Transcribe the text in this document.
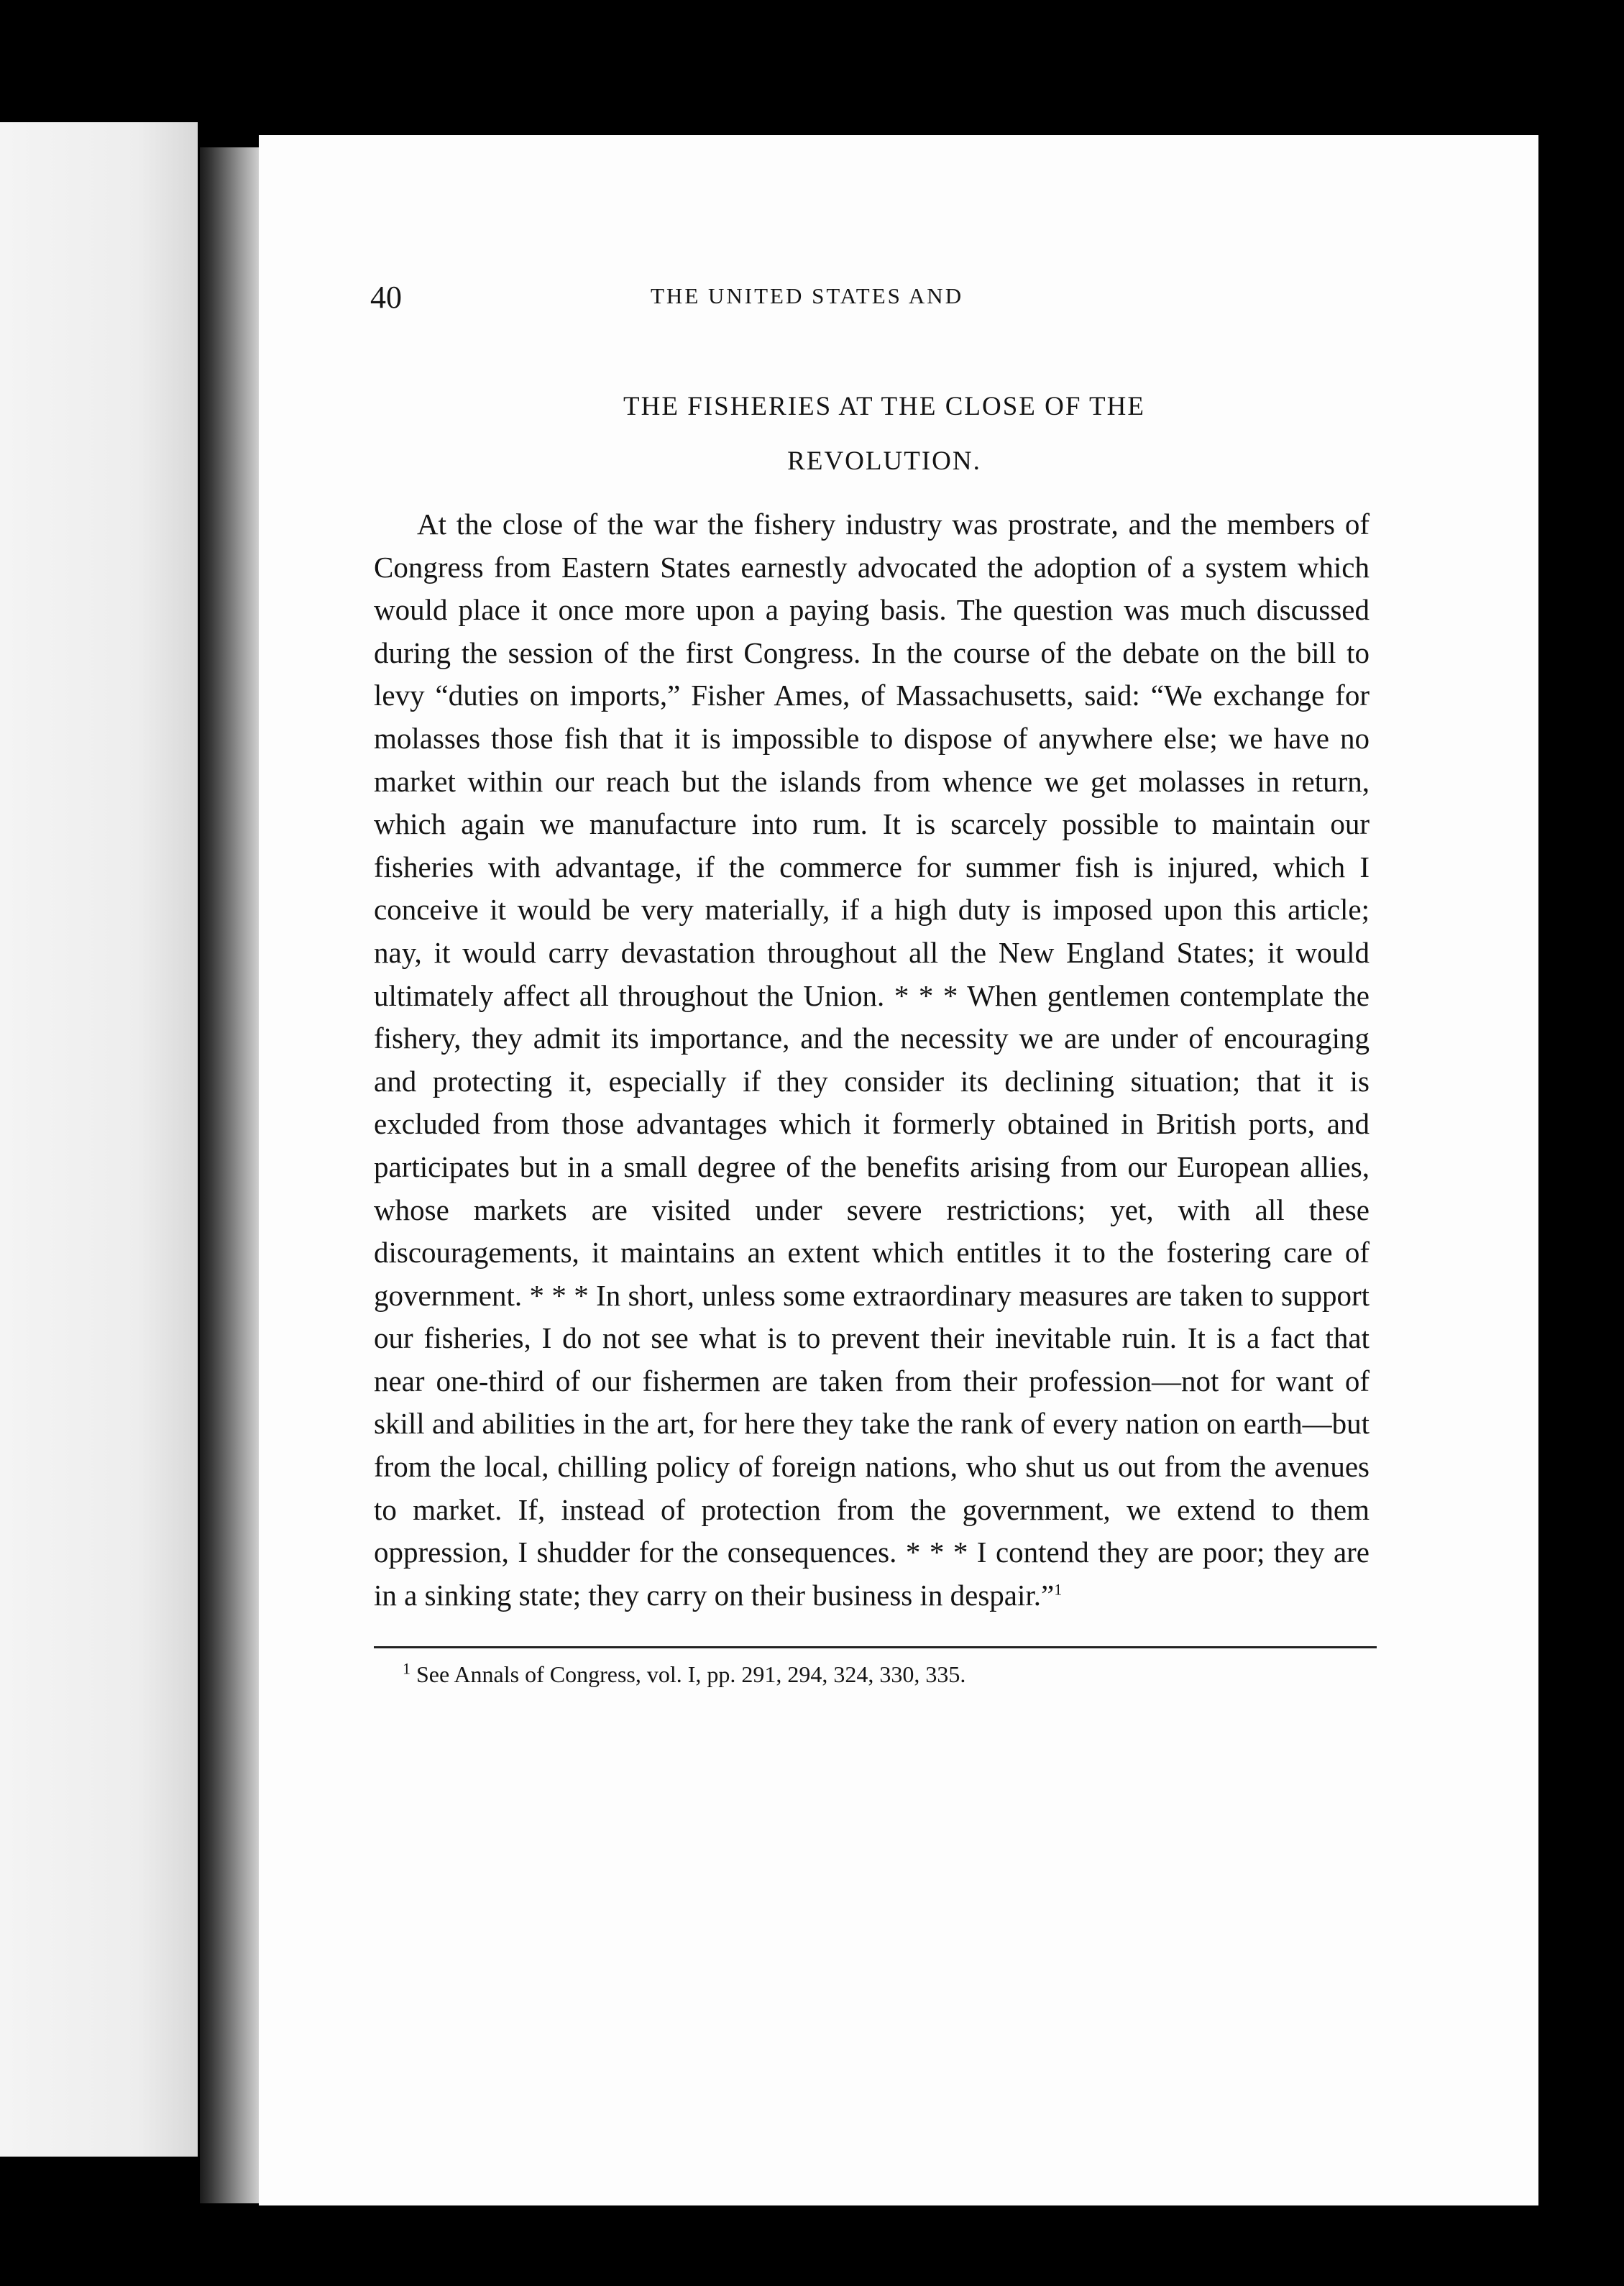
40	THE UNITED STATES AND
THE FISHERIES AT THE CLOSE OF THE
REVOLUTION.

At the close of the war the fishery industry was prostrate, and the members of Congress from Eastern States earnestly advocated the adoption of a system which would place it once more upon a paying basis. The question was much discussed during the session of the first Congress. In the course of the debate on the bill to levy “duties on imports,” Fisher Ames, of Massachusetts, said: “We exchange for molasses those fish that it is impossible to dispose of anywhere else; we have no market within our reach but the islands from whence we get molasses in return, which again we manufacture into rum. It is scarcely possible to maintain our fisheries with advantage, if the commerce for summer fish is injured, which I conceive it would be very materially, if a high duty is imposed upon this article; nay, it would carry devastation throughout all the New England States; it would ultimately affect all throughout the Union. * * * When gentlemen contemplate the fishery, they admit its importance, and the necessity we are under of encouraging and protecting it, especially if they consider its declining situation; that it is excluded from those advantages which it formerly obtained in British ports, and participates but in a small degree of the benefits arising from our European allies, whose markets are visited under severe restrictions; yet, with all these discouragements, it maintains an extent which entitles it to the fostering care of government. * * * In short, unless some extraordinary measures are taken to support our fisheries, I do not see what is to prevent their inevitable ruin. It is a fact that near one-third of our fishermen are taken from their profession—not for want of skill and abilities in the art, for here they take the rank of every nation on earth—but from the local, chilling policy of foreign nations, who shut us out from the avenues to market. If, instead of protection from the government, we extend to them oppression, I shudder for the consequences. * * * I contend they are poor; they are in a sinking state; they carry on their business in despair.”$^1$

$^1$ See Annals of Congress, vol. I, pp. 291, 294, 324, 330, 335.
